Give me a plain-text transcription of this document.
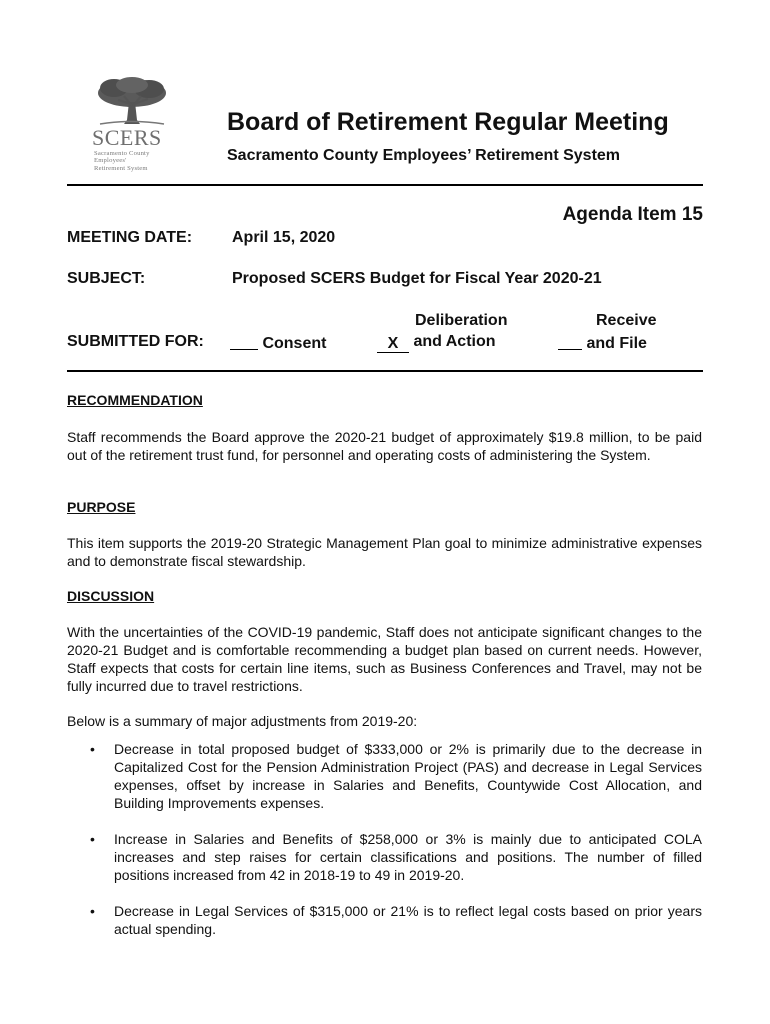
SCERS
Sacramento County
Employees'
Retirement System
Board of Retirement Regular Meeting
Sacramento County Employees’ Retirement System
Agenda Item 15
MEETING DATE: April 15, 2020
SUBJECT:	Proposed SCERS Budget for Fiscal Year 2020-21
SUBMITTED FOR:	Consent
Deliberation
X and Action
Receive
and File
RECOMMENDATION

Staff recommends the Board approve the 2020-21 budget of approximately $19.8 million, to be paid out of the retirement trust fund, for personnel and operating costs of administering the System.

PURPOSE

This item supports the 2019-20 Strategic Management Plan goal to minimize administrative expenses and to demonstrate fiscal stewardship.

DISCUSSION

With the uncertainties of the COVID-19 pandemic, Staff does not anticipate significant changes to the 2020-21 Budget and is comfortable recommending a budget plan based on current needs. However, Staff expects that costs for certain line items, such as Business Conferences and Travel, may not be fully incurred due to travel restrictions.

Below is a summary of major adjustments from 2019-20:

• Decrease in total proposed budget of $333,000 or 2% is primarily due to the decrease in Capitalized Cost for the Pension Administration Project (PAS) and decrease in Legal Services expenses, offset by increase in Salaries and Benefits, Countywide Cost Allocation, and Building Improvements expenses.
• Increase in Salaries and Benefits of $258,000 or 3% is mainly due to anticipated COLA increases and step raises for certain classifications and positions. The number of filled positions increased from 42 in 2018-19 to 49 in 2019-20.
• Decrease in Legal Services of $315,000 or 21% is to reflect legal costs based on prior years actual spending.
